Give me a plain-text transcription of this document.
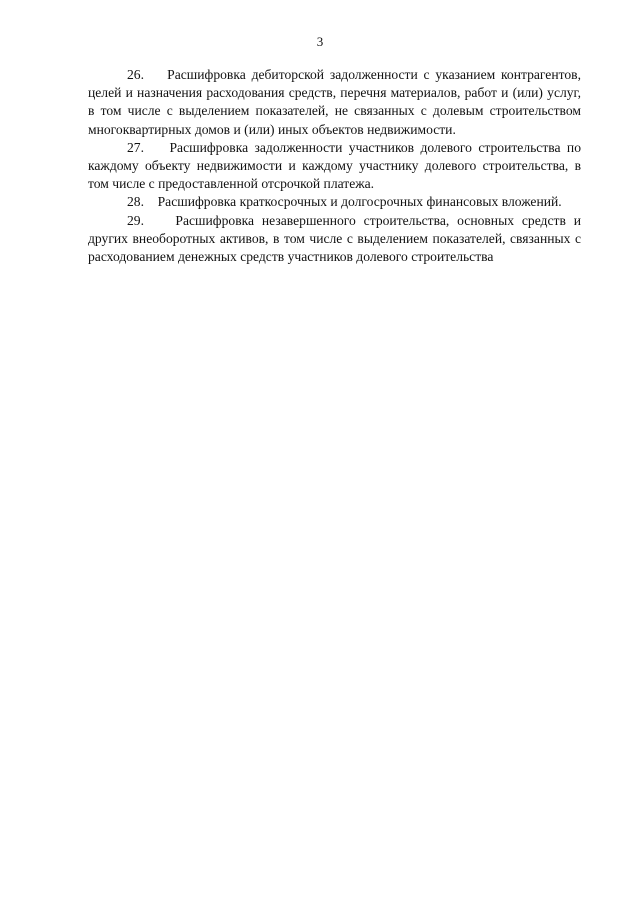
3

26. Расшифровка дебиторской задолженности с указанием контрагентов, целей и назначения расходования средств, перечня материалов, работ и (или) услуг, в том числе с выделением показателей, не связанных с долевым строительством многоквартирных домов и (или) иных объектов недвижимости.

27. Расшифровка задолженности участников долевого строительства по каждому объекту недвижимости и каждому участнику долевого строительства, в том числе с предоставленной отсрочкой платежа.

28. Расшифровка краткосрочных и долгосрочных финансовых вложений.

29. Расшифровка незавершенного строительства, основных средств и других внеоборотных активов, в том числе с выделением показателей, связанных с расходованием денежных средств участников долевого строительства
